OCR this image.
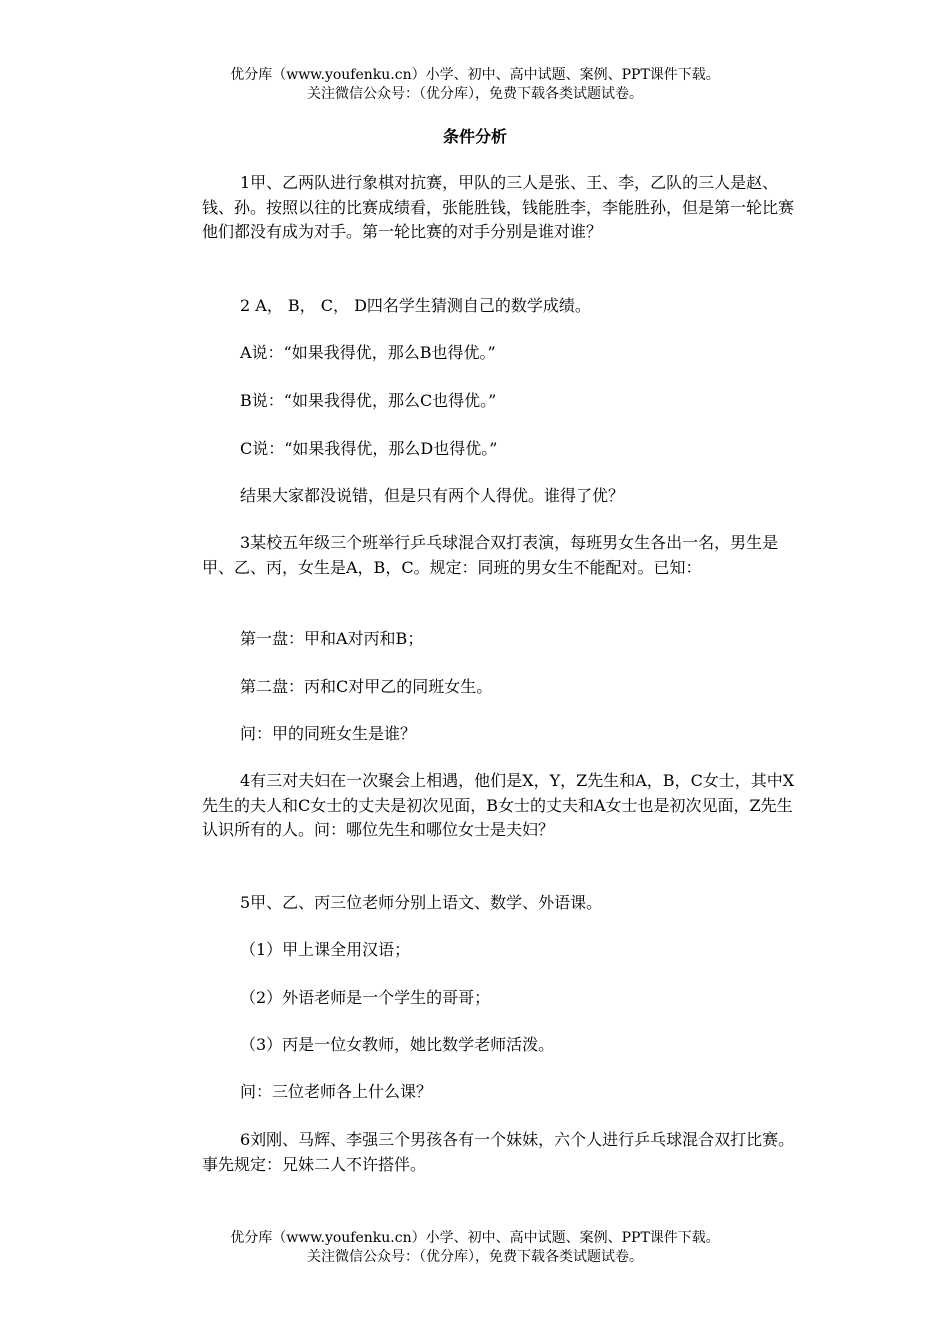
优分库（www.youfenku.cn）小学、初中、高中试题、案例、PPT课件下载。
关注微信公众号：（优分库），免费下载各类试题试卷。
条件分析

1甲、乙两队进行象棋对抗赛，甲队的三人是张、王、李，乙队的三人是赵、钱、孙。按照以往的比赛成绩看，张能胜钱，钱能胜李，李能胜孙，但是第一轮比赛他们都没有成为对手。第一轮比赛的对手分别是谁对谁？

2 A， B， C， D四名学生猜测自己的数学成绩。

A说：“如果我得优，那么B也得优。”

B说：“如果我得优，那么C也得优。”

C说：“如果我得优，那么D也得优。”

结果大家都没说错，但是只有两个人得优。谁得了优？

3某校五年级三个班举行乒乓球混合双打表演，每班男女生各出一名，男生是甲、乙、丙，女生是A，B，C。规定：同班的男女生不能配对。已知：

第一盘：甲和A对丙和B；

第二盘：丙和C对甲乙的同班女生。

问：甲的同班女生是谁？

4有三对夫妇在一次聚会上相遇，他们是X，Y，Z先生和A，B，C女士，其中X先生的夫人和C女士的丈夫是初次见面，B女士的丈夫和A女士也是初次见面，Z先生认识所有的人。问：哪位先生和哪位女士是夫妇？

5甲、乙、丙三位老师分别上语文、数学、外语课。

（1）甲上课全用汉语；

（2）外语老师是一个学生的哥哥；

（3）丙是一位女教师，她比数学老师活泼。

问：三位老师各上什么课？

6刘刚、马辉、李强三个男孩各有一个妹妹，六个人进行乒乓球混合双打比赛。事先规定：兄妹二人不许搭伴。

优分库（www.youfenku.cn）小学、初中、高中试题、案例、PPT课件下载。
关注微信公众号：（优分库），免费下载各类试题试卷。
